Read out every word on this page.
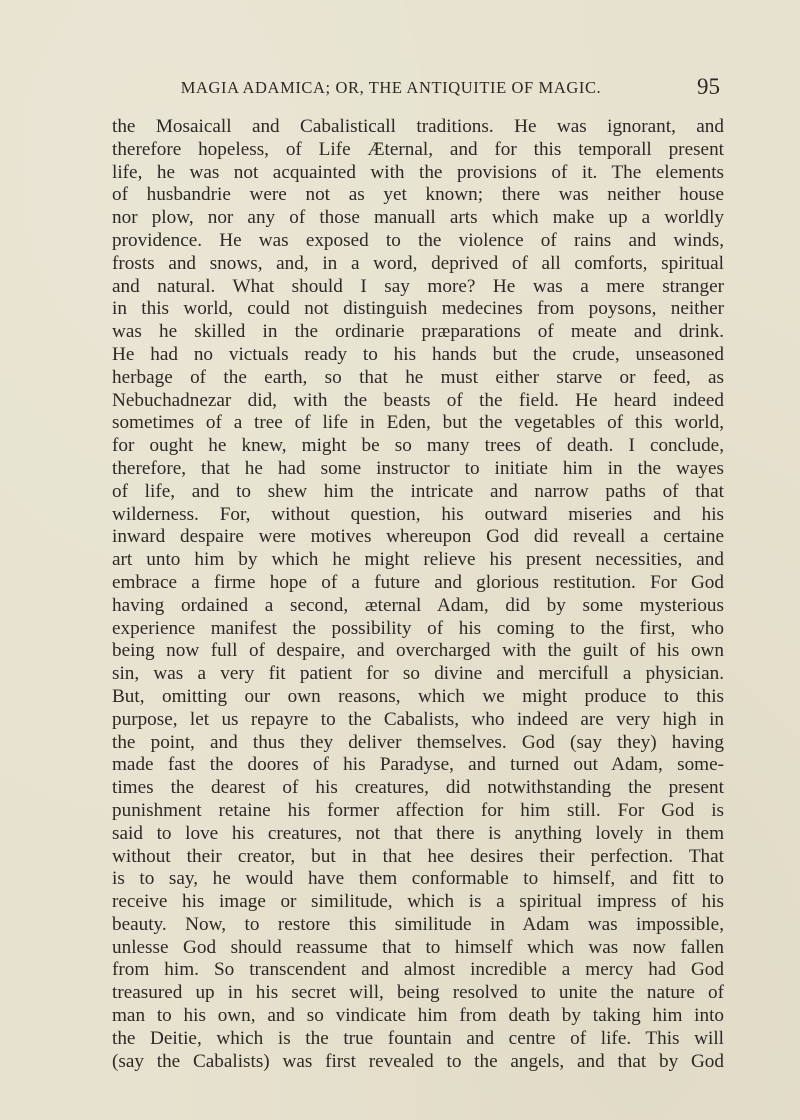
MAGIA ADAMICA; OR, THE ANTIQUITIE OF MAGIC.	95
the Mosaicall and Cabalisticall traditions. He was ignorant, and
therefore hopeless, of Life Æternal, and for this temporall present
life, he was not acquainted with the provisions of it. The elements
of husbandrie were not as yet known; there was neither house
nor plow, nor any of those manuall arts which make up a worldly
providence. He was exposed to the violence of rains and winds,
frosts and snows, and, in a word, deprived of all comforts, spiritual
and natural. What should I say more? He was a mere stranger
in this world, could not distinguish medecines from poysons, neither
was he skilled in the ordinarie præparations of meate and drink.
He had no victuals ready to his hands but the crude, unseasoned
herbage of the earth, so that he must either starve or feed, as
Nebuchadnezar did, with the beasts of the field. He heard indeed
sometimes of a tree of life in Eden, but the vegetables of this world,
for ought he knew, might be so many trees of death. I conclude,
therefore, that he had some instructor to initiate him in the wayes
of life, and to shew him the intricate and narrow paths of that
wilderness. For, without question, his outward miseries and his
inward despaire were motives whereupon God did reveall a certaine
art unto him by which he might relieve his present necessities, and
embrace a firme hope of a future and glorious restitution. For God
having ordained a second, æternal Adam, did by some mysterious
experience manifest the possibility of his coming to the first, who
being now full of despaire, and overcharged with the guilt of his own
sin, was a very fit patient for so divine and mercifull a physician.
But, omitting our own reasons, which we might produce to this
purpose, let us repayre to the Cabalists, who indeed are very high in
the point, and thus they deliver themselves. God (say they) having
made fast the doores of his Paradyse, and turned out Adam, some-
times the dearest of his creatures, did notwithstanding the present
punishment retaine his former affection for him still. For God is
said to love his creatures, not that there is anything lovely in them
without their creator, but in that hee desires their perfection. That
is to say, he would have them conformable to himself, and fitt to
receive his image or similitude, which is a spiritual impress of his
beauty. Now, to restore this similitude in Adam was impossible,
unlesse God should reassume that to himself which was now fallen
from him. So transcendent and almost incredible a mercy had God
treasured up in his secret will, being resolved to unite the nature of
man to his own, and so vindicate him from death by taking him into
the Deitie, which is the true fountain and centre of life. This will
(say the Cabalists) was first revealed to the angels, and that by God
